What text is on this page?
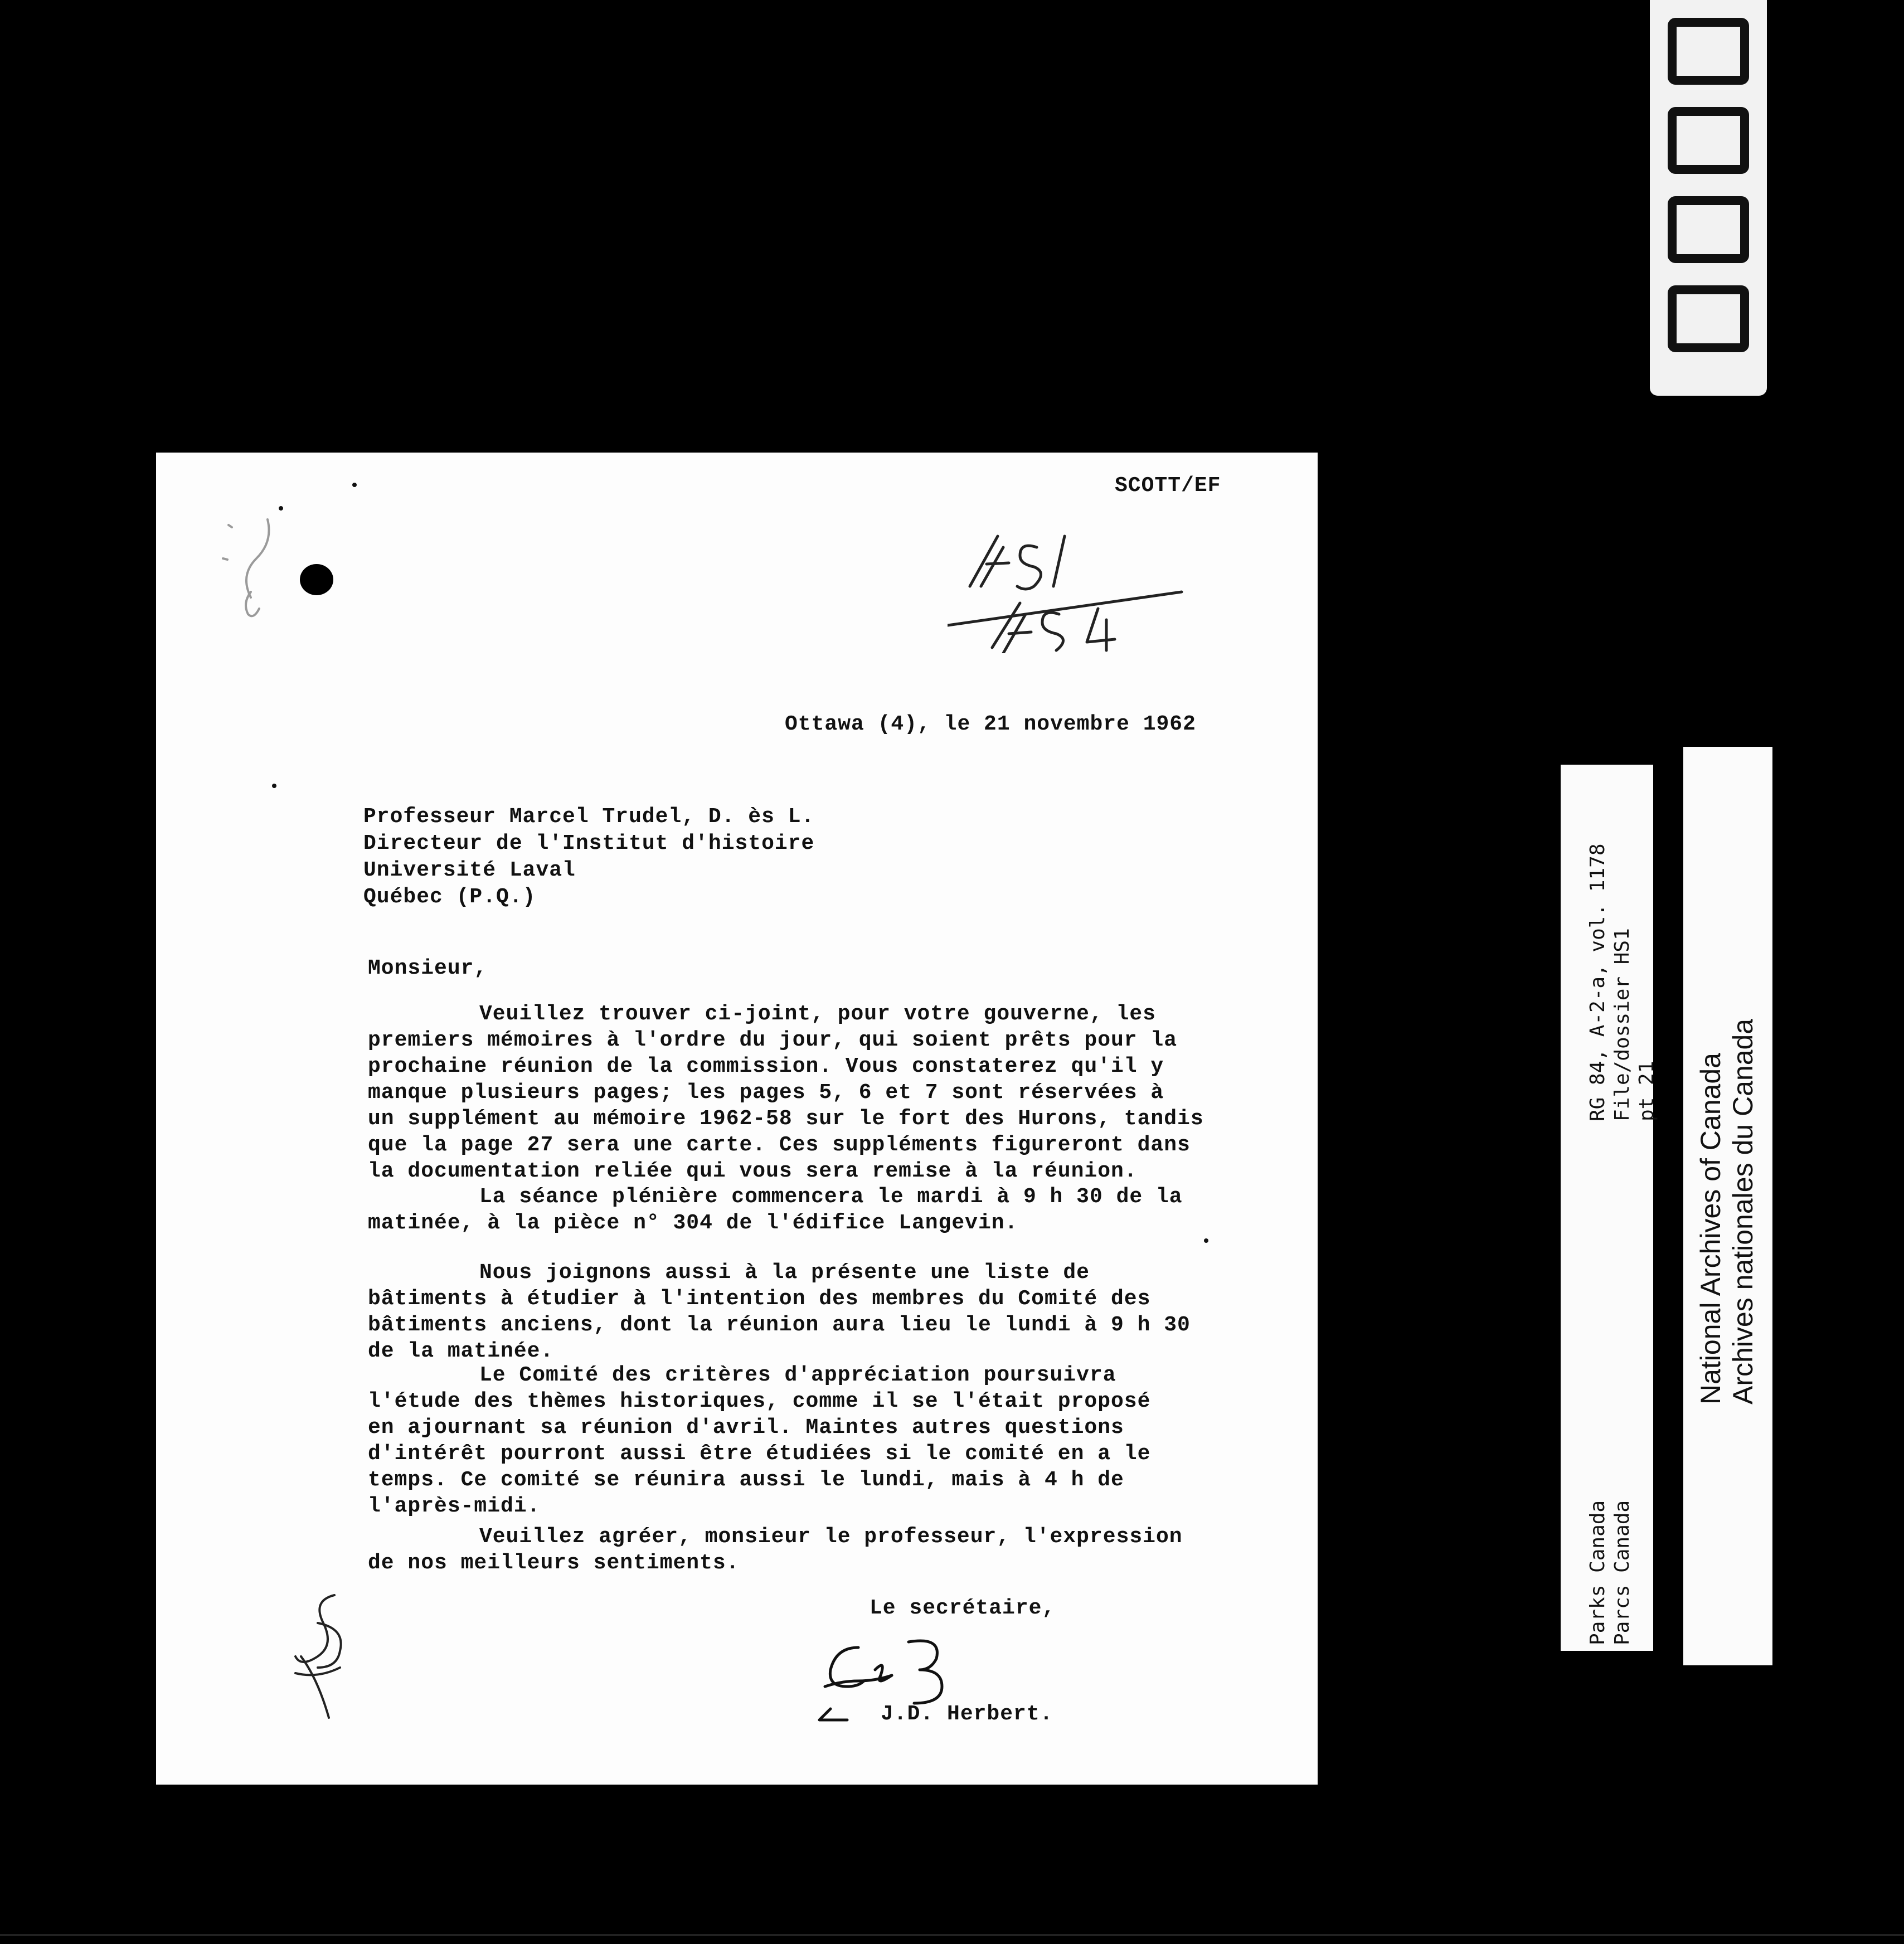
SCOTT/EF
Ottawa (4), le 21 novembre 1962
Professeur Marcel Trudel, D. ès L.
Directeur de l'Institut d'histoire
Université Laval
Québec (P.Q.)
Monsieur,
Veuillez trouver ci-joint, pour votre gouverne, les
premiers mémoires à l'ordre du jour, qui soient prêts pour la
prochaine réunion de la commission. Vous constaterez qu'il y
manque plusieurs pages; les pages 5, 6 et 7 sont réservées à
un supplément au mémoire 1962-58 sur le fort des Hurons, tandis
que la page 27 sera une carte. Ces suppléments figureront dans
la documentation reliée qui vous sera remise à la réunion.
La séance plénière commencera le mardi à 9 h 30 de la
matinée, à la pièce n° 304 de l'édifice Langevin.
Nous joignons aussi à la présente une liste de
bâtiments à étudier à l'intention des membres du Comité des
bâtiments anciens, dont la réunion aura lieu le lundi à 9 h 30
de la matinée.
Le Comité des critères d'appréciation poursuivra
l'étude des thèmes historiques, comme il se l'était proposé
en ajournant sa réunion d'avril. Maintes autres questions
d'intérêt pourront aussi être étudiées si le comité en a le
temps. Ce comité se réunira aussi le lundi, mais à 4 h de
l'après-midi.
Veuillez agréer, monsieur le professeur, l'expression
de nos meilleurs sentiments.
Le secrétaire,
J.D. Herbert.
Parks Canada Parcs Canada
RG 84, A-2-a, vol. 1178 File/dossier HS1 pt 21 National Archives of Canada Archives nationales du Canada
